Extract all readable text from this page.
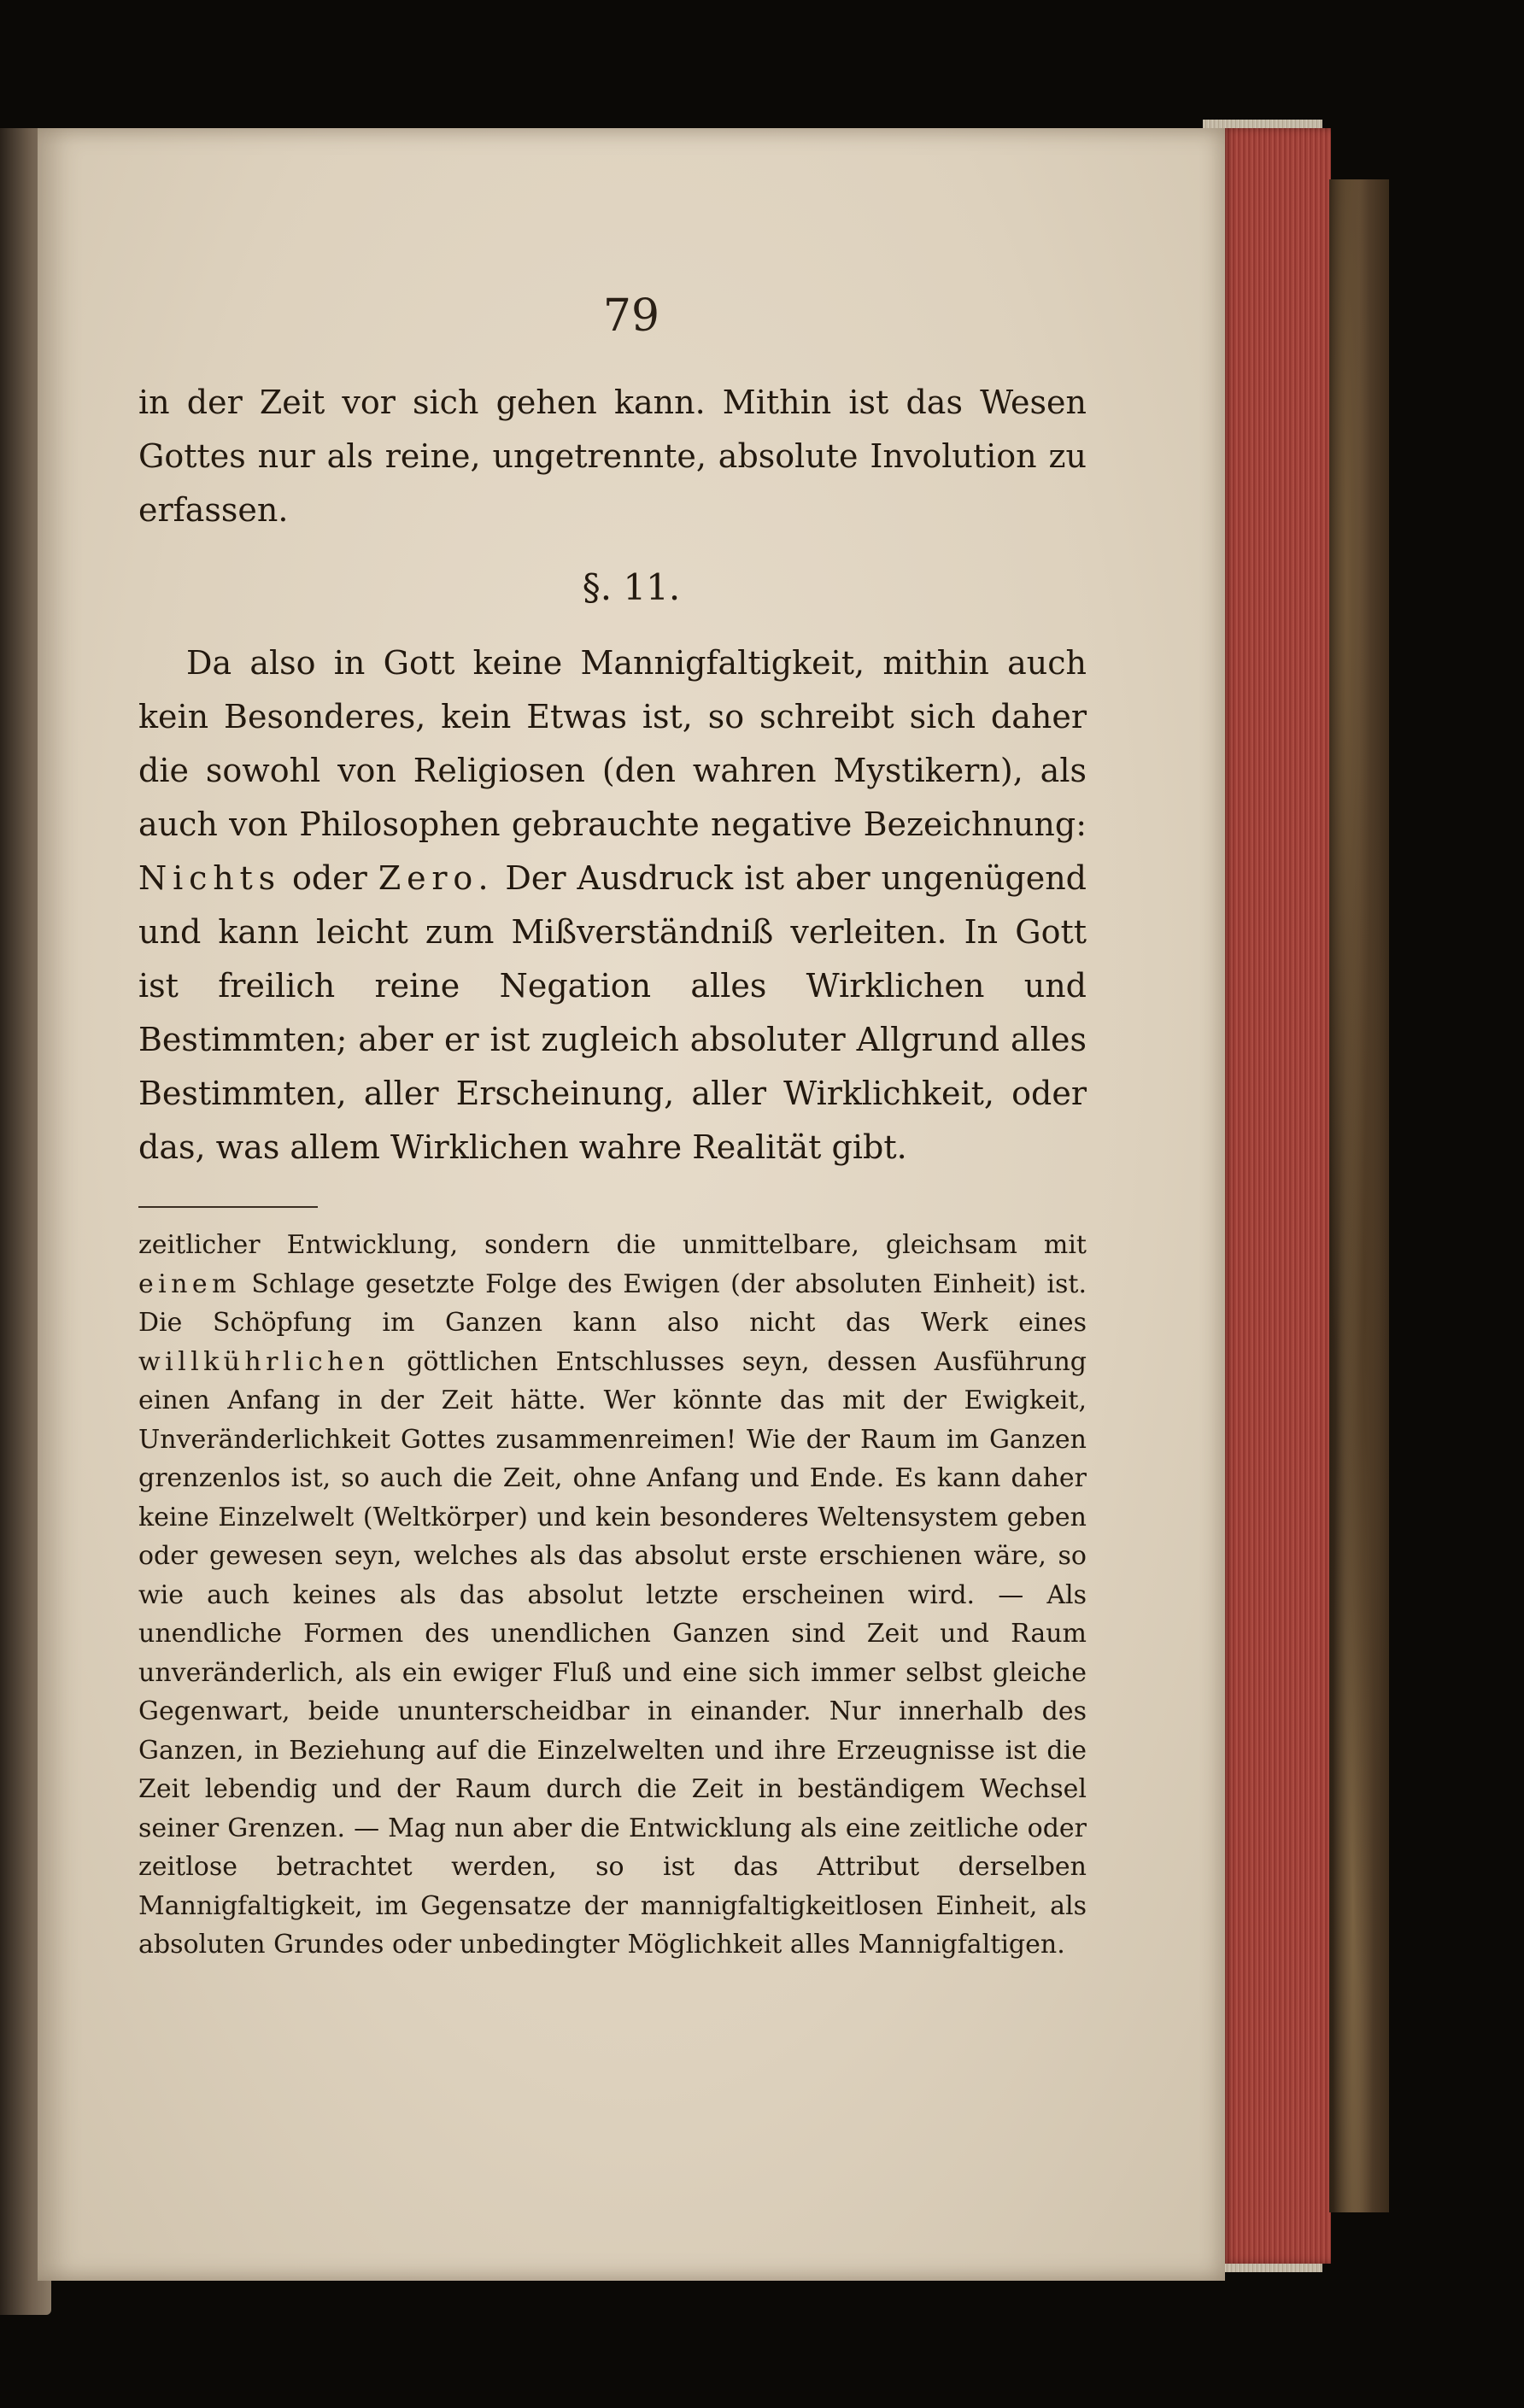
79
in der Zeit vor sich gehen kann. Mithin ist das Wesen Gottes nur als reine, ungetrennte, absolute Involution zu erfassen.
§. 11.
Da also in Gott keine Mannigfaltigkeit, mithin auch kein Besonderes, kein Etwas ist, so schreibt sich daher die sowohl von Religiosen (den wahren Mystikern), als auch von Philosophen gebrauchte negative Bezeichnung: Nichts oder Zero. Der Ausdruck ist aber ungenügend und kann leicht zum Mißverständniß verleiten. In Gott ist freilich reine Negation alles Wirklichen und Bestimmten; aber er ist zugleich absoluter Allgrund alles Bestimmten, aller Erscheinung, aller Wirklichkeit, oder das, was allem Wirklichen wahre Realität gibt.
zeitlicher Entwicklung, sondern die unmittelbare, gleichsam mit einem Schlage gesetzte Folge des Ewigen (der absoluten Einheit) ist. Die Schöpfung im Ganzen kann also nicht das Werk eines willkührlichen göttlichen Entschlusses seyn, dessen Ausführung einen Anfang in der Zeit hätte. Wer könnte das mit der Ewigkeit, Unveränderlichkeit Gottes zusammenreimen! Wie der Raum im Ganzen grenzenlos ist, so auch die Zeit, ohne Anfang und Ende. Es kann daher keine Einzelwelt (Weltkörper) und kein besonderes Weltensystem geben oder gewesen seyn, welches als das absolut erste erschienen wäre, so wie auch keines als das absolut letzte erscheinen wird. — Als unendliche Formen des unendlichen Ganzen sind Zeit und Raum unveränderlich, als ein ewiger Fluß und eine sich immer selbst gleiche Gegenwart, beide ununterscheidbar in einander. Nur innerhalb des Ganzen, in Beziehung auf die Einzelwelten und ihre Erzeugnisse ist die Zeit lebendig und der Raum durch die Zeit in beständigem Wechsel seiner Grenzen. — Mag nun aber die Entwicklung als eine zeitliche oder zeitlose betrachtet werden, so ist das Attribut derselben Mannigfaltigkeit, im Gegensatze der mannigfaltigkeitlosen Einheit, als absoluten Grundes oder unbedingter Möglichkeit alles Mannigfaltigen.
